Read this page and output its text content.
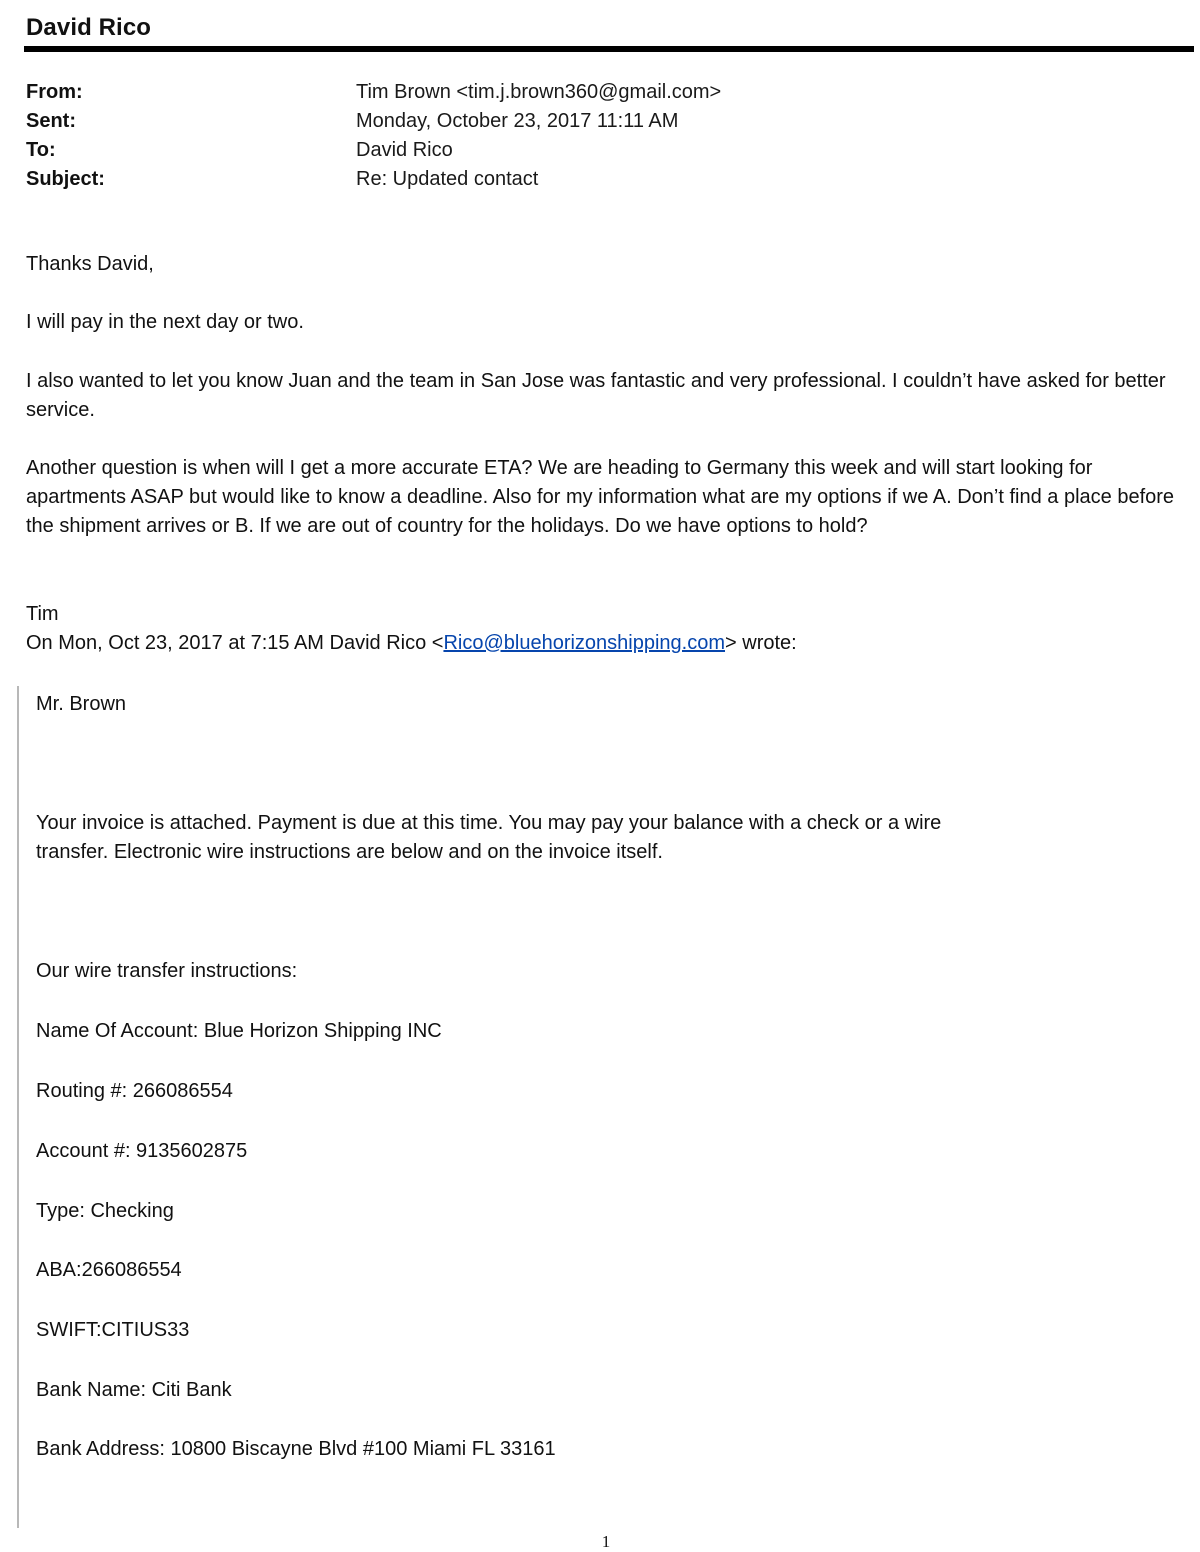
David Rico
From:	Tim Brown <tim.j.brown360@gmail.com>
Sent:	Monday, October 23, 2017 11:11 AM
To:	David Rico
Subject:	Re: Updated contact

Thanks David,

I will pay in the next day or two.

I also wanted to let you know Juan and the team in San Jose was fantastic and very professional. I couldn’t have asked for better service.

Another question is when will I get a more accurate ETA? We are heading to Germany this week and will start looking for apartments ASAP but would like to know a deadline. Also for my information what are my options if we A. Don’t find a place before the shipment arrives or B. If we are out of country for the holidays. Do we have options to hold?

Tim

On Mon, Oct 23, 2017 at 7:15 AM David Rico <Rico@bluehorizonshipping.com> wrote:

Mr. Brown

Your invoice is attached. Payment is due at this time. You may pay your balance with a check or a wire

transfer. Electronic wire instructions are below and on the invoice itself.

Our wire transfer instructions:

Name Of Account: Blue Horizon Shipping INC

Routing #: 266086554

Account #: 9135602875

Type: Checking

ABA:266086554

SWIFT:CITIUS33

Bank Name: Citi Bank

Bank Address: 10800 Biscayne Blvd #100 Miami FL 33161

1
